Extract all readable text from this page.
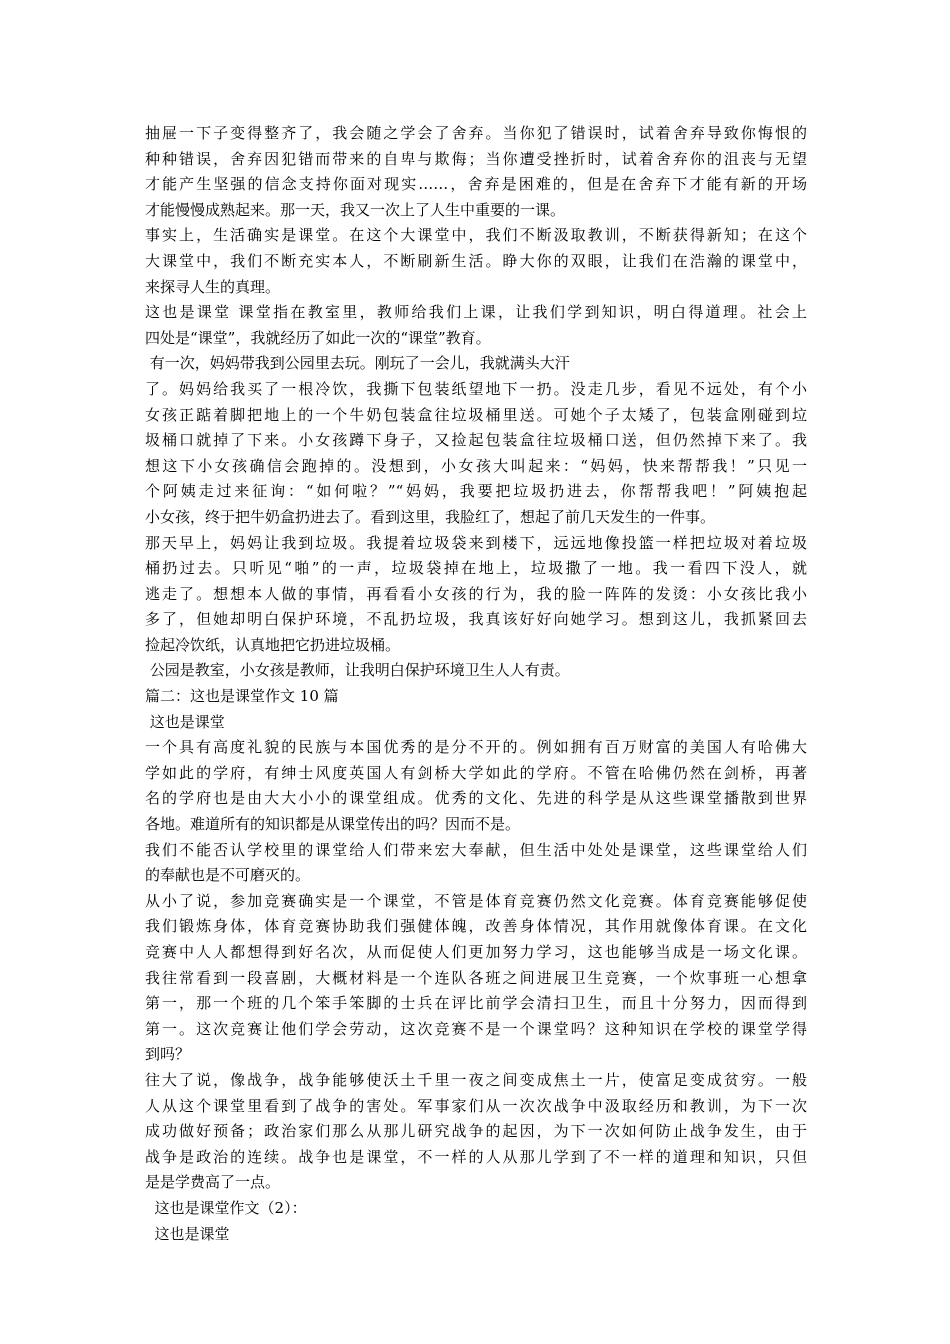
抽屉一下子变得整齐了，我会随之学会了舍弃。当你犯了错误时，试着舍弃导致你悔恨的
种种错误，舍弃因犯错而带来的自卑与欺侮；当你遭受挫折时，试着舍弃你的沮丧与无望
才能产生坚强的信念支持你面对现实……，舍弃是困难的，但是在舍弃下才能有新的开场
才能慢慢成熟起来。那一天，我又一次上了人生中重要的一课。
事实上，生活确实是课堂。在这个大课堂中，我们不断汲取教训，不断获得新知；在这个
大课堂中，我们不断充实本人，不断刷新生活。睁大你的双眼，让我们在浩瀚的课堂中，
来探寻人生的真理。
这也是课堂 课堂指在教室里，教师给我们上课，让我们学到知识，明白得道理。社会上
四处是“课堂”，我就经历了如此一次的“课堂”教育。
有一次，妈妈带我到公园里去玩。刚玩了一会儿，我就满头大汗
了。妈妈给我买了一根冷饮，我撕下包装纸望地下一扔。没走几步，看见不远处，有个小
女孩正踮着脚把地上的一个牛奶包装盒往垃圾桶里送。可她个子太矮了，包装盒刚碰到垃
圾桶口就掉了下来。小女孩蹲下身子，又捡起包装盒往垃圾桶口送，但仍然掉下来了。我
想这下小女孩确信会跑掉的。没想到，小女孩大叫起来：“妈妈，快来帮帮我！”只见一
个阿姨走过来征询：“如何啦？”“妈妈，我要把垃圾扔进去，你帮帮我吧！”阿姨抱起
小女孩，终于把牛奶盒扔进去了。看到这里，我脸红了，想起了前几天发生的一件事。
那天早上，妈妈让我到垃圾。我提着垃圾袋来到楼下，远远地像投篮一样把垃圾对着垃圾
桶扔过去。只听见“啪”的一声，垃圾袋掉在地上，垃圾撒了一地。我一看四下没人，就
逃走了。想想本人做的事情，再看看小女孩的行为，我的脸一阵阵的发烫：小女孩比我小
多了，但她却明白保护环境，不乱扔垃圾，我真该好好向她学习。想到这儿，我抓紧回去
捡起冷饮纸，认真地把它扔进垃圾桶。
公园是教室，小女孩是教师，让我明白保护环境卫生人人有责。
篇二：这也是课堂作文 10 篇
这也是课堂
一个具有高度礼貌的民族与本国优秀的是分不开的。例如拥有百万财富的美国人有哈佛大
学如此的学府，有绅士风度英国人有剑桥大学如此的学府。不管在哈佛仍然在剑桥，再著
名的学府也是由大大小小的课堂组成。优秀的文化、先进的科学是从这些课堂播散到世界
各地。难道所有的知识都是从课堂传出的吗？因而不是。
我们不能否认学校里的课堂给人们带来宏大奉献，但生活中处处是课堂，这些课堂给人们
的奉献也是不可磨灭的。
从小了说，参加竞赛确实是一个课堂，不管是体育竞赛仍然文化竞赛。体育竞赛能够促使
我们锻炼身体，体育竞赛协助我们强健体魄，改善身体情况，其作用就像体育课。在文化
竞赛中人人都想得到好名次，从而促使人们更加努力学习，这也能够当成是一场文化课。
我往常看到一段喜剧，大概材料是一个连队各班之间进展卫生竞赛，一个炊事班一心想拿
第一，那一个班的几个笨手笨脚的士兵在评比前学会清扫卫生，而且十分努力，因而得到
第一。这次竞赛让他们学会劳动，这次竞赛不是一个课堂吗？这种知识在学校的课堂学得
到吗？
往大了说，像战争，战争能够使沃土千里一夜之间变成焦土一片，使富足变成贫穷。一般
人从这个课堂里看到了战争的害处。军事家们从一次次战争中汲取经历和教训，为下一次
成功做好预备；政治家们那么从那儿研究战争的起因，为下一次如何防止战争发生，由于
战争是政治的连续。战争也是课堂，不一样的人从那儿学到了不一样的道理和知识，只但
是是学费高了一点。
这也是课堂作文（2）：
这也是课堂
